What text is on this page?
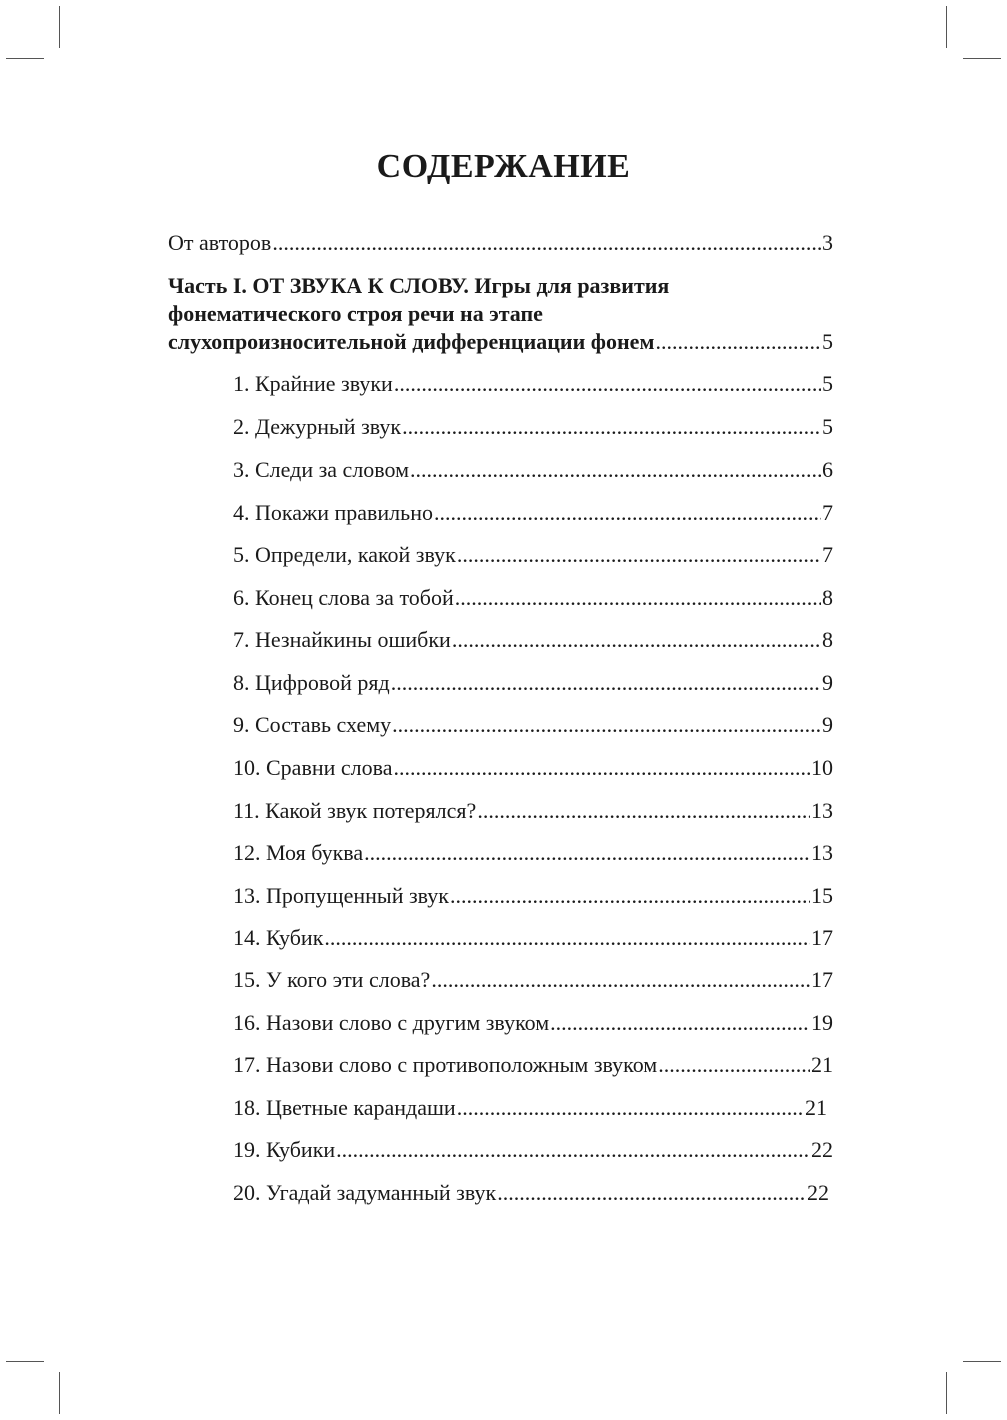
СОДЕРЖАНИЕ
От авторов .....	3
Часть I. ОТ ЗВУКА К СЛОВУ. Игры для развития
фонематического строя речи на этапе
слухопроизносительной дифференциации фонем .....	5
1. Крайние звуки .....	5
2. Дежурный звук .....	5
3. Следи за словом .....	6
4. Покажи правильно .....	7
5. Определи, какой звук .....	7
6. Конец слова за тобой .....	8
7. Незнайкины ошибки .....	8
8. Цифровой ряд .....	9
9. Составь схему .....	9
10. Сравни слова .....	10
11. Какой звук потерялся? .....	13
12. Моя буква .....	13
13. Пропущенный звук .....	15
14. Кубик .....	17
15. У кого эти слова? .....	17
16. Назови слово с другим звуком .....	19
17. Назови слово с противоположным звуком .....	21
18. Цветные карандаши .....	21
19. Кубики .....	22
20. Угадай задуманный звук .....	22
